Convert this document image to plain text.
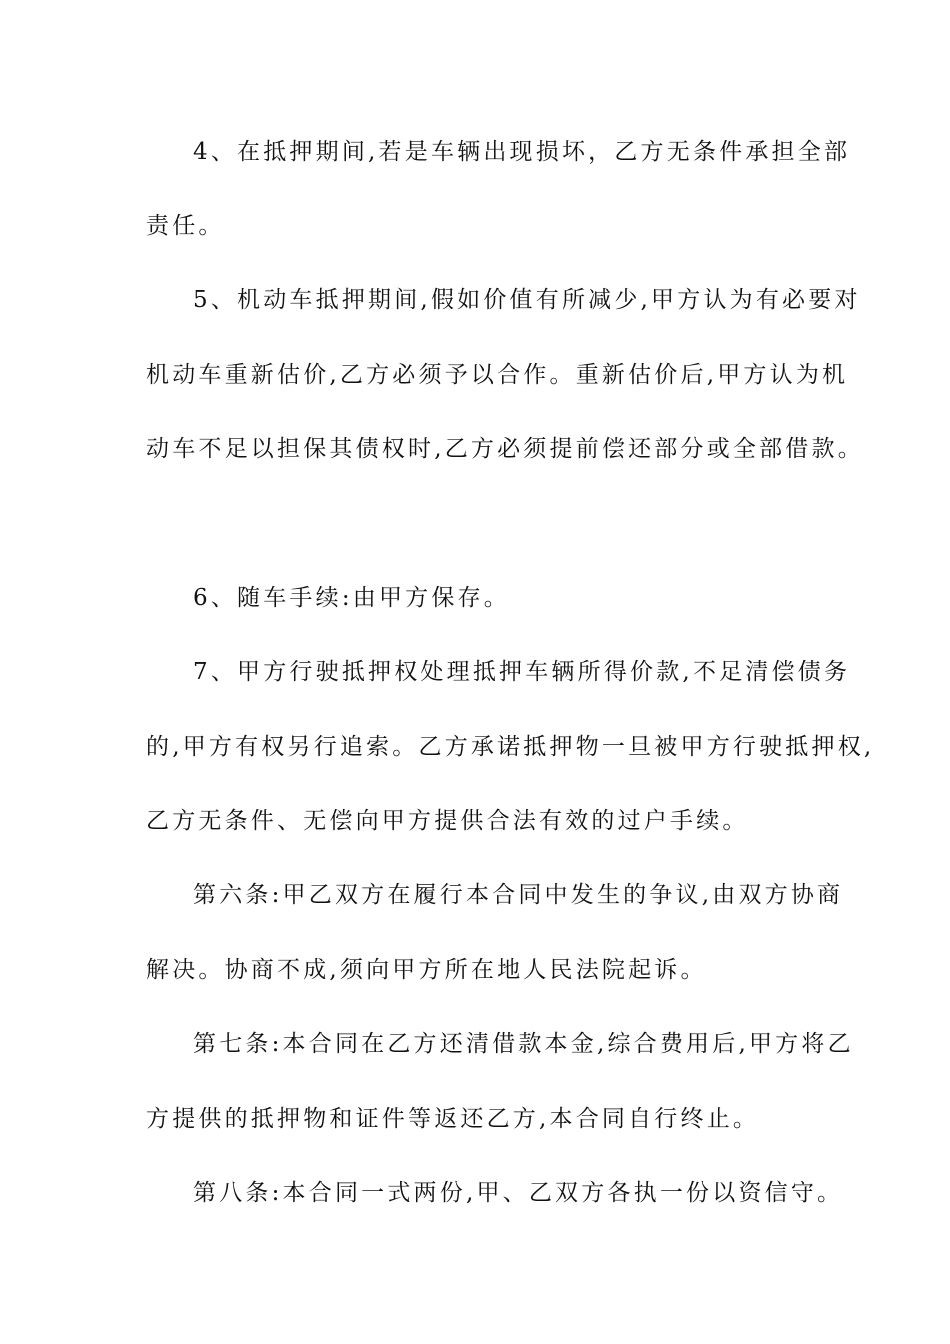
4、在抵押期间,若是车辆出现损坏，乙方无条件承担全部
责任。
5、机动车抵押期间,假如价值有所减少,甲方认为有必要对
机动车重新估价,乙方必须予以合作。重新估价后,甲方认为机
动车不足以担保其债权时,乙方必须提前偿还部分或全部借款。
6、随车手续:由甲方保存。
7、甲方行驶抵押权处理抵押车辆所得价款,不足清偿债务
的,甲方有权另行追索。乙方承诺抵押物一旦被甲方行驶抵押权,
乙方无条件、无偿向甲方提供合法有效的过户手续。
第六条:甲乙双方在履行本合同中发生的争议,由双方协商
解决。协商不成,须向甲方所在地人民法院起诉。
第七条:本合同在乙方还清借款本金,综合费用后,甲方将乙
方提供的抵押物和证件等返还乙方,本合同自行终止。
第八条:本合同一式两份,甲、乙双方各执一份以资信守。
